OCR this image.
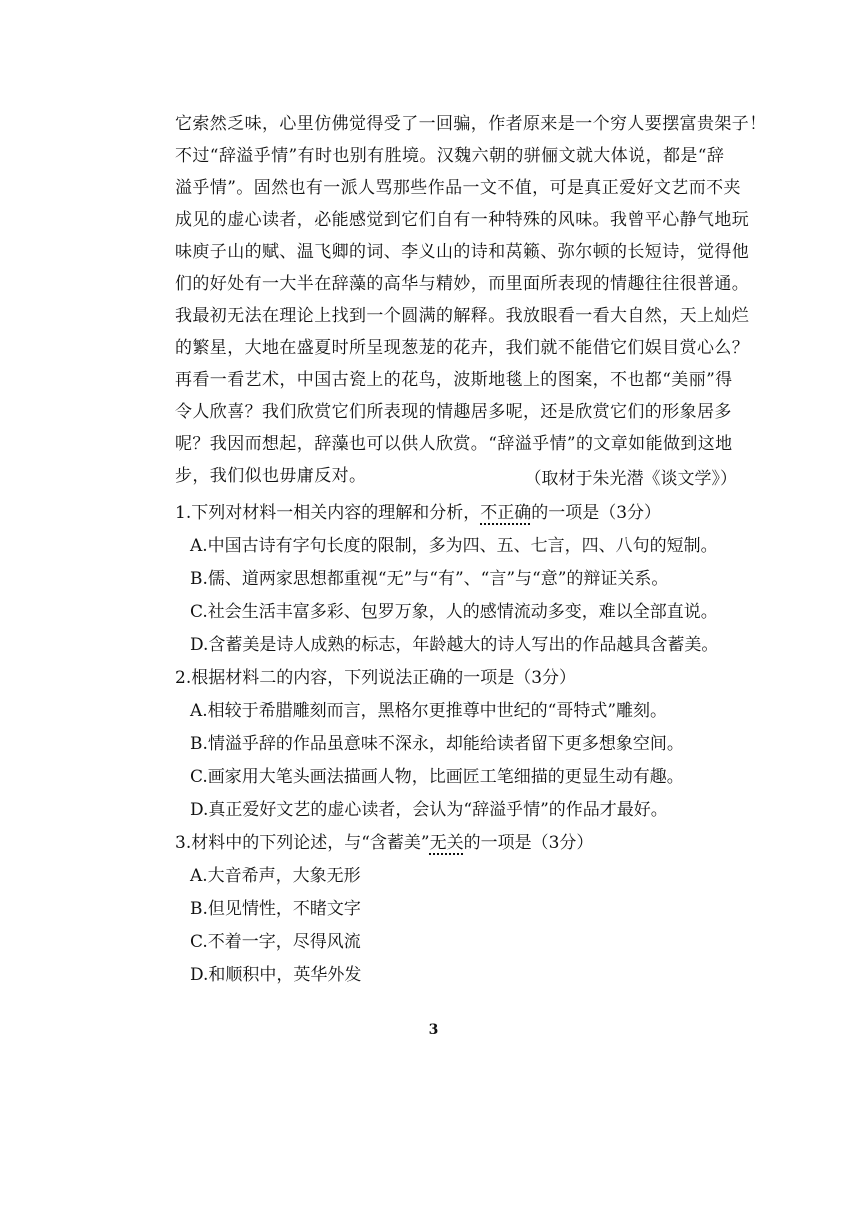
它索然乏味，心里仿佛觉得受了一回骗，作者原来是一个穷人要摆富贵架子！
不过“辞溢乎情”有时也别有胜境。汉魏六朝的骈俪文就大体说，都是“辞
溢乎情”。固然也有一派人骂那些作品一文不值，可是真正爱好文艺而不夹
成见的虚心读者，必能感觉到它们自有一种特殊的风味。我曾平心静气地玩
味庾子山的赋、温飞卿的词、李义山的诗和莴籁、弥尔顿的长短诗，觉得他
们的好处有一大半在辞藻的高华与精妙，而里面所表现的情趣往往很普通。
我最初无法在理论上找到一个圆满的解释。我放眼看一看大自然，天上灿烂
的繁星，大地在盛夏时所呈现葱茏的花卉，我们就不能借它们娱目赏心么？
再看一看艺术，中国古瓷上的花鸟，波斯地毯上的图案，不也都“美丽”得
令人欣喜？我们欣赏它们所表现的情趣居多呢，还是欣赏它们的形象居多
呢？我因而想起，辞藻也可以供人欣赏。“辞溢乎情”的文章如能做到这地
步，我们似也毋庸反对。	（取材于朱光潜《谈文学》）
1.下列对材料一相关内容的理解和分析，不正确的一项是（3分）
A.中国古诗有字句长度的限制，多为四、五、七言，四、八句的短制。
B.儒、道两家思想都重视“无”与“有”、“言”与“意”的辩证关系。
C.社会生活丰富多彩、包罗万象，人的感情流动多变，难以全部直说。
D.含蓄美是诗人成熟的标志，年龄越大的诗人写出的作品越具含蓄美。
2.根据材料二的内容，下列说法正确的一项是（3分）
A.相较于希腊雕刻而言，黑格尔更推尊中世纪的“哥特式”雕刻。
B.情溢乎辞的作品虽意味不深永，却能给读者留下更多想象空间。
C.画家用大笔头画法描画人物，比画匠工笔细描的更显生动有趣。
D.真正爱好文艺的虚心读者，会认为“辞溢乎情”的作品才最好。
3.材料中的下列论述，与“含蓄美”无关的一项是（3分）
A.大音希声，大象无形
B.但见情性，不睹文字
C.不着一字，尽得风流
D.和顺积中，英华外发
3
